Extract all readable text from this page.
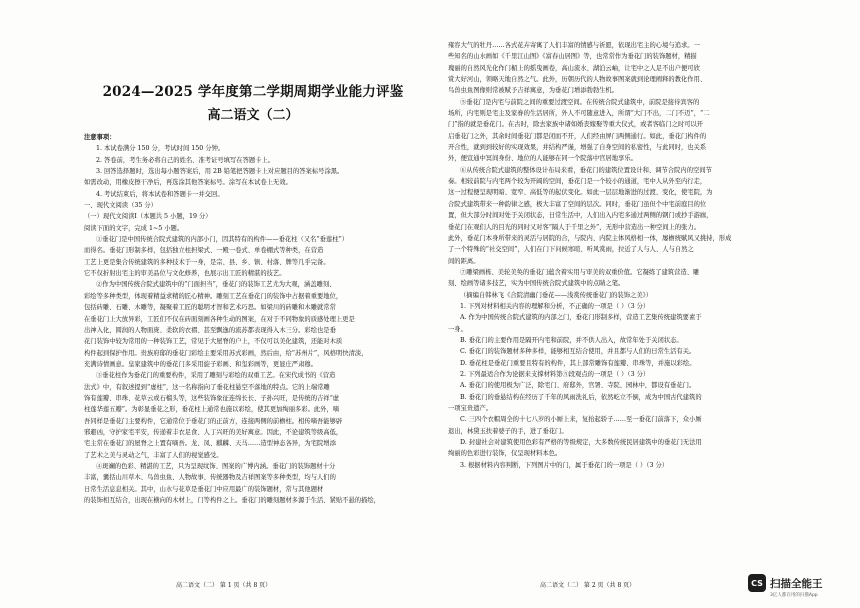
2024—2025 学年度第二学期周期学业能力评鉴
高二语文（二）

注意事项：

1. 本试卷满分 150 分，考试时间 150 分钟。

2. 答卷前，考生务必将自己的姓名、准考证号填写在答题卡上。

3. 回答选择题时，选出每小题答案后，用 2B 铅笔把答题卡上对应题目的答案标号涂黑。

如需改动，用橡皮擦干净后，再选涂其他答案标号。涂写在本试卷上无效。

4. 考试结束后，将本试卷和答题卡一并交回。

一、现代文阅读（35 分）

（一）现代文阅读Ⅰ（本题共 5 小题，19 分）

阅读下面的文字，完成 1~5 小题。

①垂花门是中国传统合院式建筑的内部小门，因其特有的构件——垂花柱（又名“垂莲柱”）

而得名。垂花门形制多样，包括独立柱担梁式、一殿一卷式、单卷棚式等种类，在营造

工艺上更是集合传统建筑的多种技术于一身，是宗、县、乡、镇、村落、牌等几乎完备。

它不仅折射出宅主的审美品位与文化修养，也展示出工匠的精湛的技艺。

②作为中国传统合院式建筑中的“门面担当”，垂花门的装饰工艺尤为大观，涵盖雕刻、

彩绘等多种类型，体现着精益求精的匠心精神。雕刻工艺在垂花门的装饰中占据着重要地位，

包括砖雕、石雕、木雕等，凝聚着工匠的聪明才智和艺术巧思。如梁川的砖雕和木雕就常常

在垂花门上大放异彩，工匠们不仅在砖面刻画各种生动的图案，在对于不同物象的质感处理上更是

出神入化，圆润的人物面庞、柔软的衣褶、甚至飘逸的流苏都表现得入木三分。彩绘也是垂

花门装饰中较为常用的一种装饰工艺，常见于大屋脊的户上，不仅可以美化建筑，还能对木质

构件起到保护作用。贵族府邸的垂花门彩绘主要采用苏式彩画，然后由，给“苏州片”，风格明快清淡，

充满诗情画意。皇家建筑中的垂花门多采用旋子彩画、和玺彩画等，更显庄严肃穆。

③垂花柱作为垂花门的重要构件，采用了雕刻与彩绘的双重工艺。在宋代成书的《营造

法式》中，有叙述提到“虚柱”，这一名称指向了垂花柱悬空不落地的特点。它的上端常雕

饰有莲瓣、串珠、花草云或石榴头等，这些装饰象征连绵长长、子孙兴旺，是传统的吉祥“虚

柱莲华莲五瓣”。为彰显垂花之形，垂花柱上通常也施以彩绘，使其更加绚丽多彩。此外，嘀

吾同样是垂花门主要构件，它通常位于垂花门的正前方，连接两侧的前檐柱。相传嘀吾能够辟

邪避凶，守护家宅平安，传递着丰衣足食、人丁兴旺的美好寓意。因此，不论建筑等级高低，

宅主常在垂花门的屋脊之上置有嘀吾。龙、凤、麒麟、天马……造型神态各异，为宅院增添

了艺术之美与灵动之气，丰富了人们的视觉感受。

④斑斓的色彩、精湛的工艺，只为呈现纹饰、图案的广博内涵。垂花门的装饰题材十分

丰富，囊括山川草木、鸟兽虫鱼、人物故事、传统器物及吉祥图案等多种类型，均与人们的

日常生活息息相关。其中，山水与花草是垂花门中应用最广的装饰题材，常与其他题材

的装饰相互结合，出现在横向的木材上，门等构件之上。垂花门的雕刻题材多源于生活、紧贴不悬的描绘，

高二语文（二） 第 1 页（共 8 页）

雍容大气的牡丹……各式花卉寄寓了人们丰富的情感与祈愿，依现出宅主的心境与追求。一

些知名的山水画如《千里江山图》《富春山居图》等，也常常作为垂花门的装饰题材，精描

瑰丽的自然风光化作门楣上的摇曳画卷，高山流水、湖泊云岫，让宅中之人足不出户便可欣

赏大好河山，领略天地自然之气。此外，历朝历代的人物故事图案就到论理阐释的教化作用、

鸟兽虫鱼图像则常被赋予吉祥寓意，为垂花门增添勃勃生机。

⑤垂花门是内宅与前院之间的重要过渡空间。在传统合院式建筑中，前院是接待宾客的

场所，内宅则是宅主及家眷的生活居所，外人不可随意进入，所谓“大门不出，二门不迈”，“二

门”指的就是垂花门。在古时，除去家族中诸如婚丧嫁娶等重大仪式，或者客临门之时可以开

启垂花门之外，其余时间垂花门都是闭而不开，人们经由屏门两侧通行。如此，垂花门构件的

开合性，就到到较好的实现效果，并结构严谨，增强了自身空间的私密性，与此同时，也关系

外，便宣通中冥间身份、地位的人能够在同一个院落中官居地享乐。

⑥从传统合院式建筑的整体设计布局来看，垂花门的建筑位置设计和、调节合院内的空间节

奏。相较前院与内宅两个较为开阔的空间，垂花门是一个较小的通道，宅中人从外至内行走，

这一过程便呈现明暗、宽窄、高低等的起伏变化。如此一层层地渐进的过渡、变化，使宅院，为

合院式建筑带来一种韵律之感，极大丰富了空间的层次。同时，垂花门虽但个中宅前庭目的位

置，但大部分时间对处于关闭状态，日常生活中，人们出入内宅多通过两侧的钢门或抄手游廊，

垂花门在观们人的目光的同时又对客“隔人于千里之外”，无形中营造出一种空间上的张力。

此外，垂花门本身所带来的灵活与居院的合，与院内、内院主体风格相一体，屡檐统赋风又挑持，形成

了一个特殊的“社交空间”，人们在门下问候寒暄、听风赏雨，拉近了人与人、人与自然之

间的距离。

⑦雕梁画栋、美轮美奂的垂花门蕴含着实用与审美的双重价值。它凝练了建筑营造、雕

刻、绘画等诸多技艺，实为中国传统合院式建筑中的点睛之笔。

（摘编自韩林飞《合院清幽门垂花——浅赏传统垂花门的装饰之美》）

1. 下列对材料相关内容的理解和分析，不正确的一项是（ ）（3 分）

A. 作为中国传统合院式建筑的内部之门，垂花门形制多样，营造工艺集传统建筑要素于

一身。

B. 垂花门的主要作用是隔开内宅和前院，并不供人出入，故常年处于关闭状态。

C. 垂花门的装饰题材多种多样，能够相互结合使用，并且都与人们的日常生活有关。

D. 垂花柱是垂花门重要且特有的构件，其上部常雕饰有莲瓣、串珠等，并施以彩绘。

2. 下列最适合作为论据来支撑材料第⑤段观点的一项是（ ）（3 分）

A. 垂花门的使用极为广泛，除宅门、府邸外，官署、寺院、园林中，都设有垂花门。

B. 垂花门的垂悬结构在经历了千年的风雨洗礼后，依然屹立不倒，成为中国古代建筑的

一项宝贵遗产。

C. 三四个衣帽周全的十七八岁的小厮上来，复抬起轿子……至一垂花门前落下，众小厮

退出，林黛玉扶着婆子的手，进了垂花门。

D. 封建社会对建筑使用色彩有严格的等级规定，大多数传统民居建筑中的垂花门无法用

绚丽的色彩进行装饰，仅呈现材料本色。

3. 根据材料内容判断，下列图片中的门，属于垂花门的一项是（ ）（3 分）

高二语文（二） 第 2 页（共 8 页）	CS 扫描全能王
3亿人都在用的扫描App
